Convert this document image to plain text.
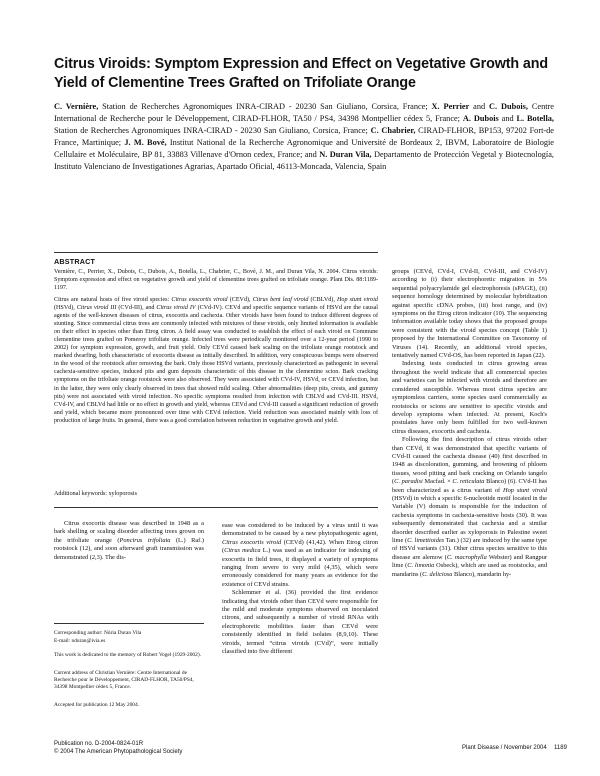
Citrus Viroids: Symptom Expression and Effect on Vegetative Growth and Yield of Clementine Trees Grafted on Trifoliate Orange
C. Vernière, Station de Recherches Agronomiques INRA-CIRAD - 20230 San Giuliano, Corsica, France; X. Perrier and C. Dubois, Centre International de Recherche pour le Développement, CIRAD-FLHOR, TA50 / PS4, 34398 Montpellier cédex 5, France; A. Dubois and L. Botella, Station de Recherches Agronomiques INRA-CIRAD - 20230 San Giuliano, Corsica, France; C. Chabrier, CIRAD-FLHOR, BP153, 97202 Fort-de France, Martinique; J. M. Bové, Institut National de la Recherche Agronomique and Université de Bordeaux 2, IBVM, Laboratoire de Biologie Cellulaire et Moléculaire, BP 81, 33883 Villenave d'Ornon cedex, France; and N. Duran Vila, Departamento de Protección Vegetal y Biotecnología, Instituto Valenciano de Investigationes Agrarias, Apartado Oficial, 46113-Moncada, Valencia, Spain
ABSTRACT
Vernière, C., Perrier, X., Dubois, C., Dubois, A., Botella, L., Chabrier, C., Bové, J. M., and Duran Vila, N. 2004. Citrus viroids: Symptom expression and effect on vegetative growth and yield of clementine trees grafted on trifoliate orange. Plant Dis. 88:1189-1197.
Citrus are natural hosts of five viroid species: Citrus exocortis viroid (CEVd), Citrus bent leaf viroid (CBLVd), Hop stunt viroid (HSVd), Citrus viroid III (CVd-III), and Citrus viroid IV (CVd-IV). CEVd and specific sequence variants of HSVd are the causal agents of the well-known diseases of citrus, exocortis and cachexia. Other viroids have been found to induce different degrees of stunting. Since commercial citrus trees are commonly infected with mixtures of these viroids, only limited information is available on their effect in species other than Etrog citron. A field assay was conducted to establish the effect of each viroid on Commune clementine trees grafted on Pomeroy trifoliate orange. Infected trees were periodically monitored over a 12-year period (1990 to 2002) for symptom expression, growth, and fruit yield. Only CEVd caused bark scaling on the trifoliate orange rootstock and marked dwarfing, both characteristic of exocortis disease as initially described. In addition, very conspicuous bumps were observed in the wood of the rootstock after removing the bark. Only those HSVd variants, previously characterized as pathogenic in several cachexia-sensitive species, induced pits and gum deposits characteristic of this disease in the clementine scion. Bark cracking symptoms on the trifoliate orange rootstock were also observed. They were associated with CVd-IV, HSVd, or CEVd infection, but in the latter, they were only clearly observed in trees that showed mild scaling. Other abnormalities (deep pits, crests, and gummy pits) were not associated with viroid infection. No specific symptoms resulted from infection with CBLVd and CVd-III. HSVd, CVd-IV, and CBLVd had little or no effect in growth and yield, whereas CEVd and CVd-III caused a significant reduction of growth and yield, which became more pronounced over time with CEVd infection. Yield reduction was associated mainly with loss of production of large fruits. In general, there was a good correlation between reduction in vegetative growth and yield.
Additional keywords: xyloporosis

Citrus exocortis disease was described in 1948 as a bark shelling or scaling disorder affecting trees grown on the trifoliate orange (Poncirus trifoliata (L.) Raf.) rootstock (12), and soon afterward graft transmission was demonstrated (2,3). The dis-

ease was considered to be induced by a virus until it was demonstrated to be caused by a new phytopathogenic agent, Citrus exocortis viroid (CEVd) (41,42). When Etrog citron (Citrus medica L.) was used as an indicator for indexing of exocortis in field trees, it displayed a variety of symptoms ranging from severe to very mild (4,35), which were erroneously considered for many years as evidence for the existence of CEVd strains.

Schlemmer et al. (36) provided the first evidence indicating that viroids other than CEVd were responsible for the mild and moderate symptoms observed on inoculated citrons, and subsequently a number of viroid RNAs with electrophoretic mobilities faster than CEVd were consistently identified in field isolates (8,9,10). These viroids, termed “citrus viroids (CVd)”, were initially classified into five different

groups (CEVd, CVd-I, CVd-II, CVd-III, and CVd-IV) according to (i) their electrophoretic migration in 5% sequential polyacrylamide gel electrophoresis (sPAGE), (ii) sequence homology determined by molecular hybridization against specific cDNA probes, (iii) host range, and (iv) symptoms on the Etrog citron indicator (10). The sequencing information available today shows that the proposed groups were consistent with the viroid species concept (Table 1) proposed by the International Committee on Taxonomy of Viruses (14). Recently, an additional viroid species, tentatively named CVd-OS, has been reported in Japan (22).

Indexing tests conducted in citrus growing areas throughout the world indicate that all commercial species and varieties can be infected with viroids and therefore are considered susceptible. Whereas most citrus species are symptomless carriers, some species used commercially as rootstocks or scions are sensitive to specific viroids and develop symptoms when infected. At present, Koch's postulates have only been fulfilled for two well-known citrus diseases, exocortis and cachexia.

Following the first description of citrus viroids other than CEVd, it was demonstrated that specific variants of CVd-II caused the cachexia disease (40) first described in 1948 as discoloration, gumming, and browning of phloem tissues, wood pitting and bark cracking on Orlando tangelo (C. paradisi Macfad. × C. reticulata Blanco) (6). CVd-II has been characterized as a citrus variant of Hop stunt viroid (HSVd) in which a specific 6-nucleotide motif located in the Variable (V) domain is responsible for the induction of cachexia symptoms in cachexia-sensitive hosts (30). It was subsequently demonstrated that cachexia and a similar disorder described earlier as xyloporosis in Palestine sweet lime (C. limettioides Tan.) (32) are induced by the same type of HSVd variants (31). Other citrus species sensitive to this disease are alemow (C. macrophylla Webster) and Rangpur lime (C. limonia Osbeck), which are used as rootstocks, and mandarins (C. deliciosa Blanco), mandarin hy-

Corresponding author: Núria Duran Vila
E-mail: nduran@ivia.es
This work is dedicated to the memory of Robert Vogel (1929-2002).
Current address of Christian Vernière: Centre International de Recherche pour le Développement, CIRAD-FLHOR, TA50/PS4, 34398 Montpellier cédex 5, France.
Accepted for publication 12 May 2004.
Publication no. D-2004-0824-01R
© 2004 The American Phytopathological Society
Plant Disease / November 2004 1189
